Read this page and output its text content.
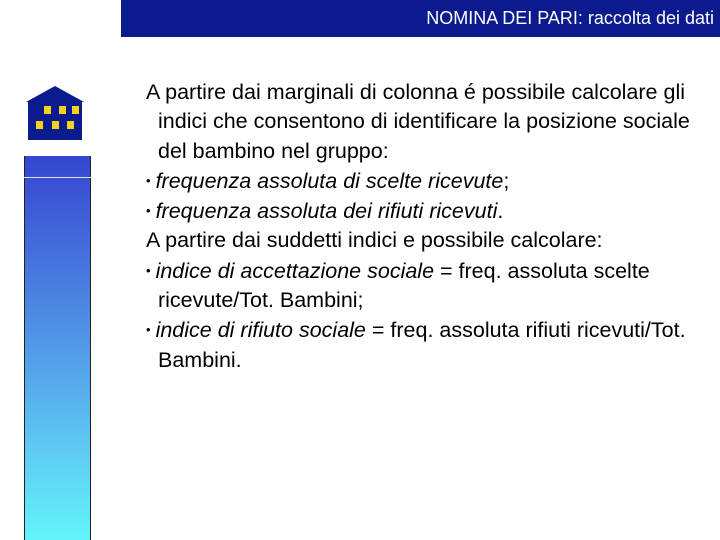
NOMINA DEI PARI: raccolta dei dati

A partire dai marginali di colonna é possibile calcolare gli indici che consentono di identificare la posizione sociale del bambino nel gruppo:

• frequenza assoluta di scelte ricevute;

• frequenza assoluta dei rifiuti ricevuti.

A partire dai suddetti indici e possibile calcolare:

• indice di accettazione sociale = freq. assoluta scelte ricevute/Tot. Bambini;

• indice di rifiuto sociale = freq. assoluta rifiuti ricevuti/Tot. Bambini.
